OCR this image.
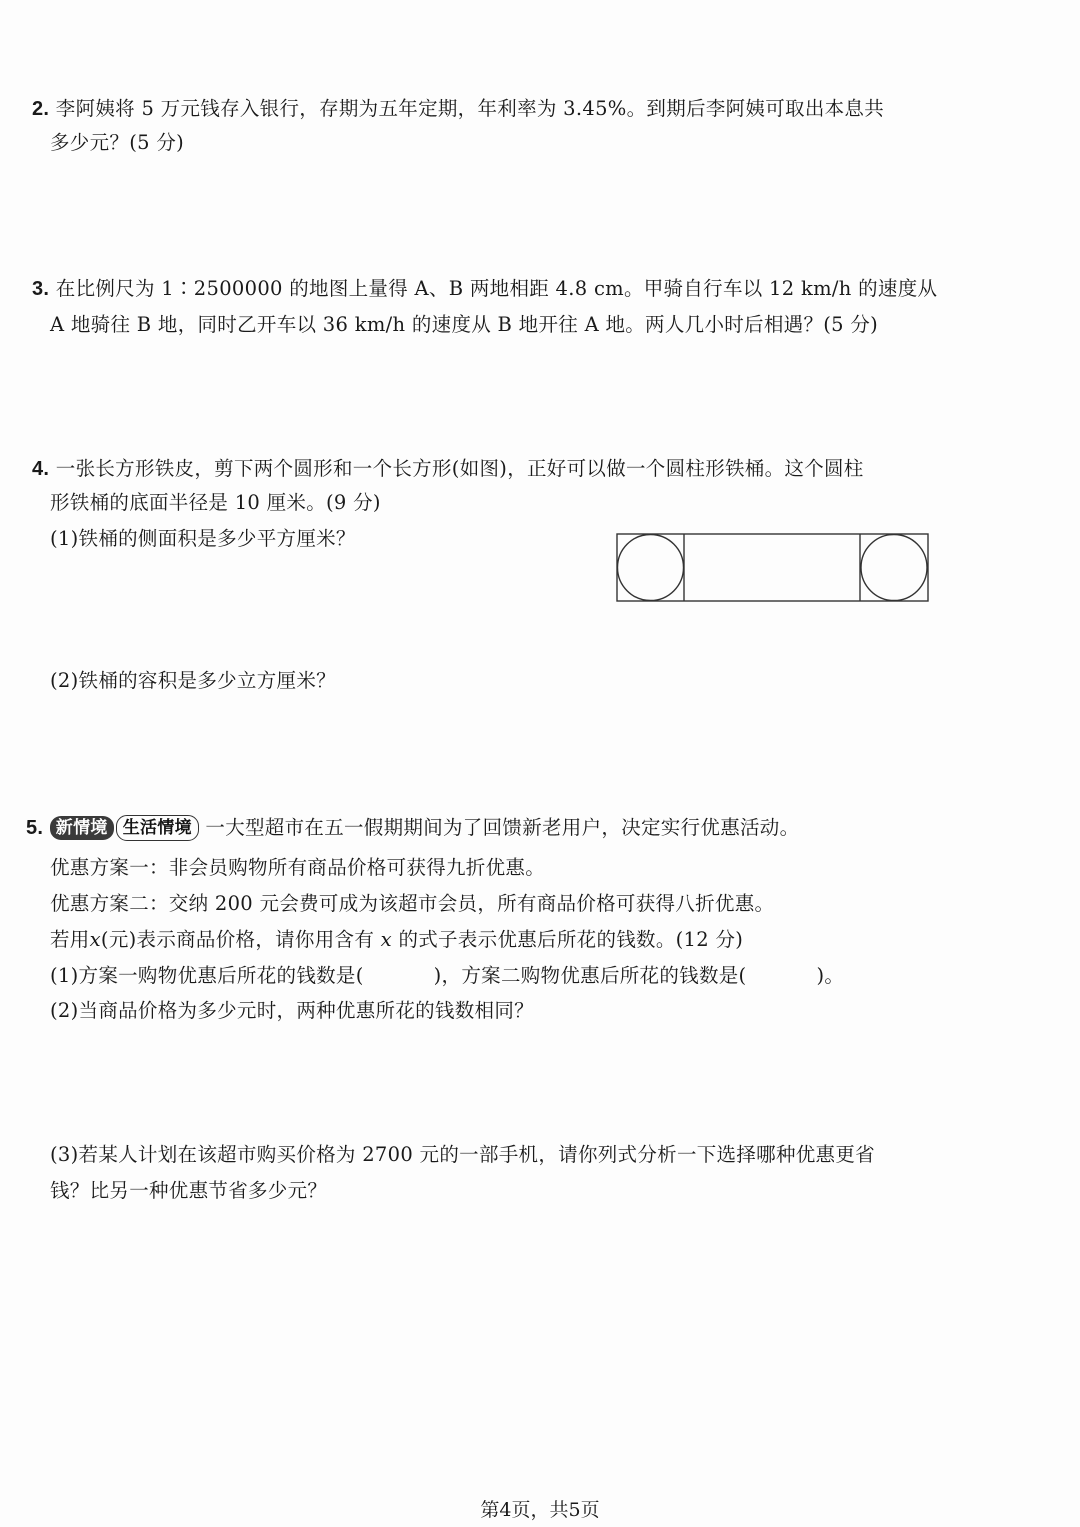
2. 李阿姨将 5 万元钱存入银行，存期为五年定期，年利率为 3.45%。到期后李阿姨可取出本息共
多少元？(5 分)
3. 在比例尺为 1∶2500000 的地图上量得 A、B 两地相距 4.8 cm。甲骑自行车以 12 km/h 的速度从
A 地骑往 B 地，同时乙开车以 36 km/h 的速度从 B 地开往 A 地。两人几小时后相遇？(5 分)
4. 一张长方形铁皮，剪下两个圆形和一个长方形(如图)，正好可以做一个圆柱形铁桶。这个圆柱
形铁桶的底面半径是 10 厘米。(9 分)
(1)铁桶的侧面积是多少平方厘米？
(2)铁桶的容积是多少立方厘米？
5. 新情境 生活情境 一大型超市在五一假期期间为了回馈新老用户，决定实行优惠活动。
优惠方案一：非会员购物所有商品价格可获得九折优惠。
优惠方案二：交纳 200 元会费可成为该超市会员，所有商品价格可获得八折优惠。
若用x(元)表示商品价格，请你用含有 x 的式子表示优惠后所花的钱数。(12 分)
(1)方案一购物优惠后所花的钱数是(	)，方案二购物优惠后所花的钱数是(	)。
(2)当商品价格为多少元时，两种优惠所花的钱数相同？
(3)若某人计划在该超市购买价格为 2700 元的一部手机，请你列式分析一下选择哪种优惠更省
钱？比另一种优惠节省多少元？
第4页，共5页
